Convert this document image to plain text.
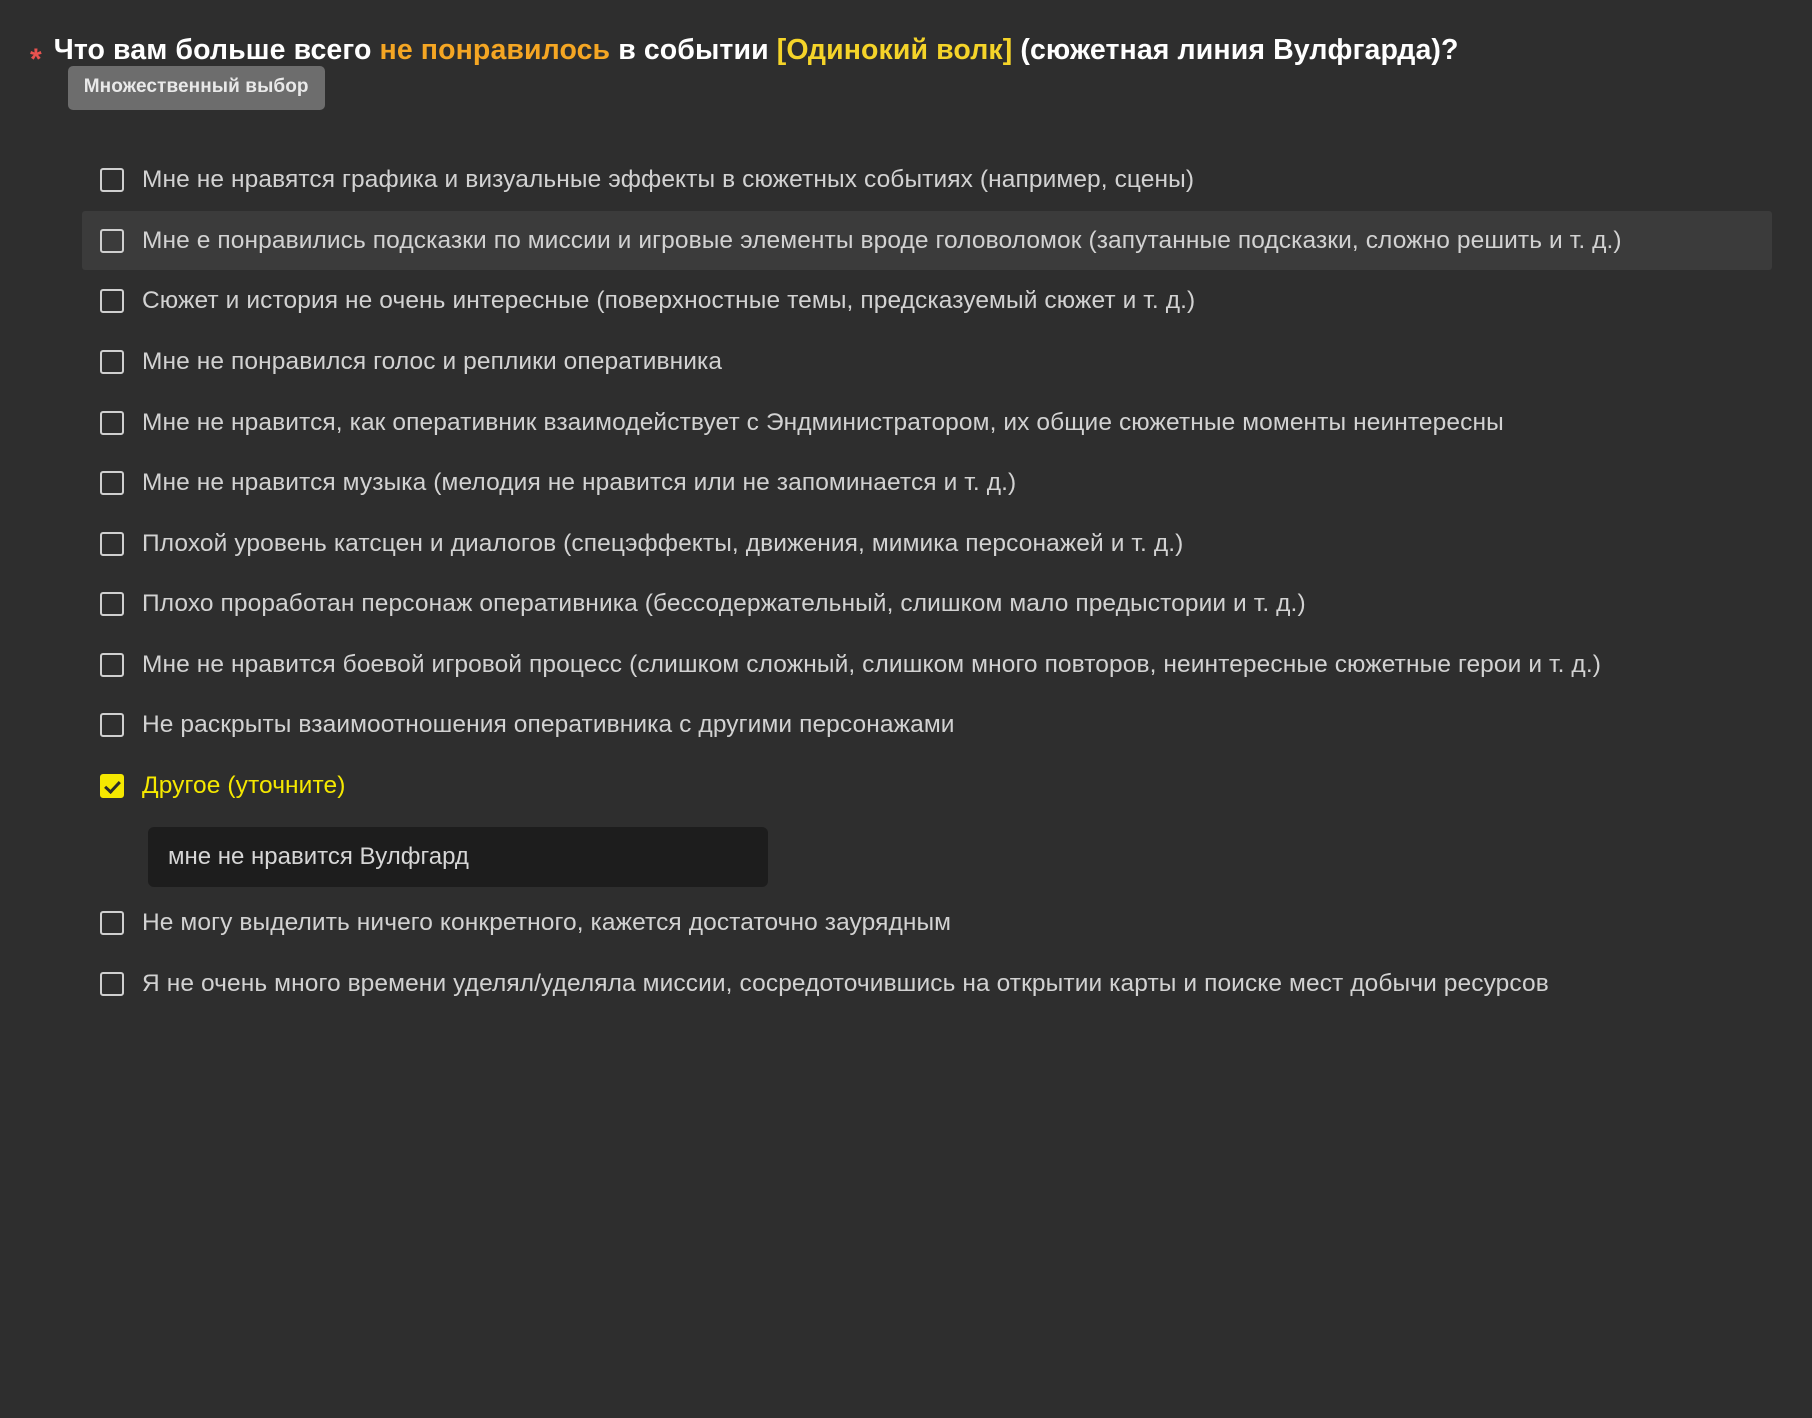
* Что вам больше всего не понравилось в событии [Одинокий волк] (сюжетная линия Вулфгарда)?Множественный выбор
Мне не нравятся графика и визуальные эффекты в сюжетных событиях (например, сцены)
Мне е понравились подсказки по миссии и игровые элементы вроде головоломок (запутанные подсказки, сложно решить и т. д.)
Сюжет и история не очень интересные (поверхностные темы, предсказуемый сюжет и т. д.)
Мне не понравился голос и реплики оперативника
Мне не нравится, как оперативник взаимодействует с Эндминистратором, их общие сюжетные моменты неинтересны
Мне не нравится музыка (мелодия не нравится или не запоминается и т. д.)
Плохой уровень катсцен и диалогов (спецэффекты, движения, мимика персонажей и т. д.)
Плохо проработан персонаж оперативника (бессодержательный, слишком мало предыстории и т. д.)
Мне не нравится боевой игровой процесс (слишком сложный, слишком много повторов, неинтересные сюжетные герои и т. д.)
Не раскрыты взаимоотношения оперативника с другими персонажами
Другое (уточните)
мне не нравится Вулфгард
Не могу выделить ничего конкретного, кажется достаточно заурядным
Я не очень много времени уделял/уделяла миссии, сосредоточившись на открытии карты и поиске мест добычи ресурсов
